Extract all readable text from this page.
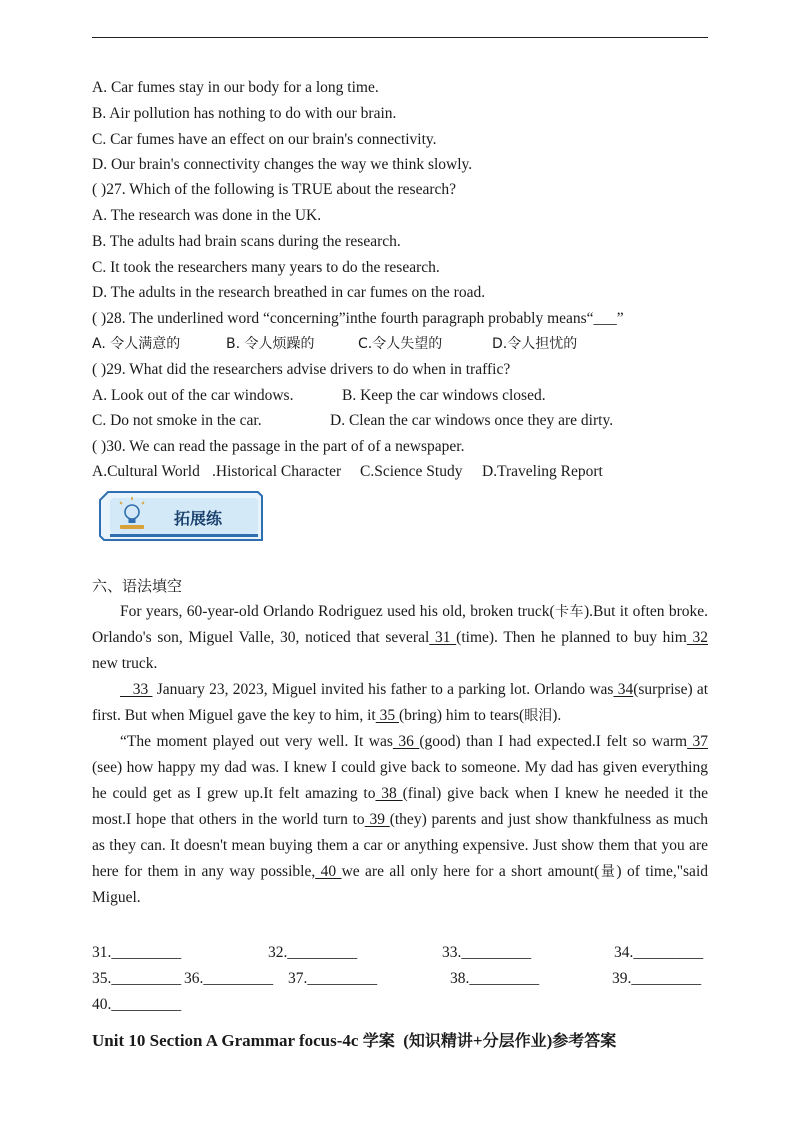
A. Car fumes stay in our body for a long time.
B. Air pollution has nothing to do with our brain.
C. Car fumes have an effect on our brain's connectivity.
D. Our brain's connectivity changes the way we think slowly.
( )27. Which of the following is TRUE about the research?
A. The research was done in the UK.
B. The adults had brain scans during the research.
C. It took the researchers many years to do the research.
D. The adults in the research breathed in car fumes on the road.
( )28. The underlined word “concerning”inthe fourth paragraph probably means“___”
A. 令人满意的	B. 令人烦躁的	C.令人失望的	D.令人担忧的
( )29. What did the researchers advise drivers to do when in traffic?
A. Look out of the car windows.	B. Keep the car windows closed.
C. Do not smoke in the car.	D. Clean the car windows once they are dirty.
( )30. We can read the passage in the part of of a newspaper.
A.Cultural World .Historical Character C.Science Study D.Traveling Report
拓展练
六、语法填空

For years, 60-year-old Orlando Rodriguez used his old, broken truck(卡车).But it often broke. Orlando's son, Miguel Valle, 30, noticed that several 31 (time). Then he planned to buy him 32 new truck.

33  January 23, 2023, Miguel invited his father to a parking lot. Orlando was 34(surprise) at first. But when Miguel gave the key to him, it 35 (bring) him to tears(眼泪).

“The moment played out very well. It was 36 (good) than I had expected.I felt so warm 37 (see) how happy my dad was. I knew I could give back to someone. My dad has given everything he could get as I grew up.It felt amazing to 38 (final) give back when I knew he needed it the most.I hope that others in the world turn to 39 (they) parents and just show thankfulness as much as they can. It doesn't mean buying them a car or anything expensive. Just show them that you are here for them in any way possible, 40 we are all only here for a short amount(量) of time,"said Miguel.

31._________	32._________	33._________	34._________
35._________ 36._________ 37._________	38._________	39._________
40._________
Unit 10 Section A Grammar focus-4c 学案  (知识精讲+分层作业)参考答案
